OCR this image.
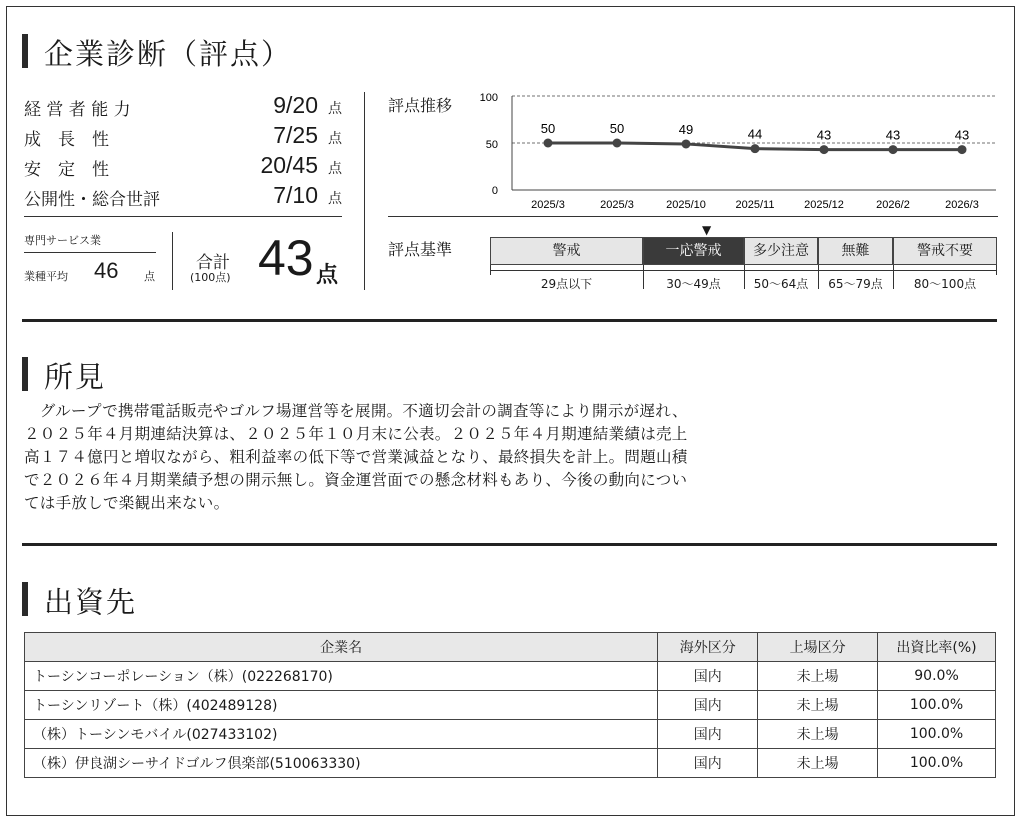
企業診断（評点）
経 営 者 能 力	9/20 点
成　長　性	7/25 点
安　定　性	20/45 点
公開性・総合世評	7/10 点
専門サービス業
業種平均 46 点
合計
(100点) 43 点
評点推移	100
50
0
50
2025/3
50
2025/3
49
2025/10
44
2025/11
43
2025/12
43
2026/2
43
2026/3
評点基準
▼
警戒	一応警戒	多少注意	無難	警戒不要
29点以下	30～49点	50～64点	65～79点	80～100点
所見
　グループで携帯電話販売やゴルフ場運営等を展開。不適切会計の調査等により開示が遅れ、
２０２５年４月期連結決算は、２０２５年１０月末に公表。２０２５年４月期連結業績は売上
高１７４億円と増収ながら、粗利益率の低下等で営業減益となり、最終損失を計上。問題山積
で２０２６年４月期業績予想の開示無し。資金運営面での懸念材料もあり、今後の動向につい
ては手放しで楽観出来ない。
出資先
企業名	海外区分	上場区分	出資比率(%)
トーシンコーポレーション（株）(022268170)	国内	未上場	90.0%
トーシンリゾート（株）(402489128)	国内	未上場	100.0%
（株）トーシンモバイル(027433102)	国内	未上場	100.0%
（株）伊良湖シーサイドゴルフ倶楽部(510063330)	国内	未上場	100.0%
